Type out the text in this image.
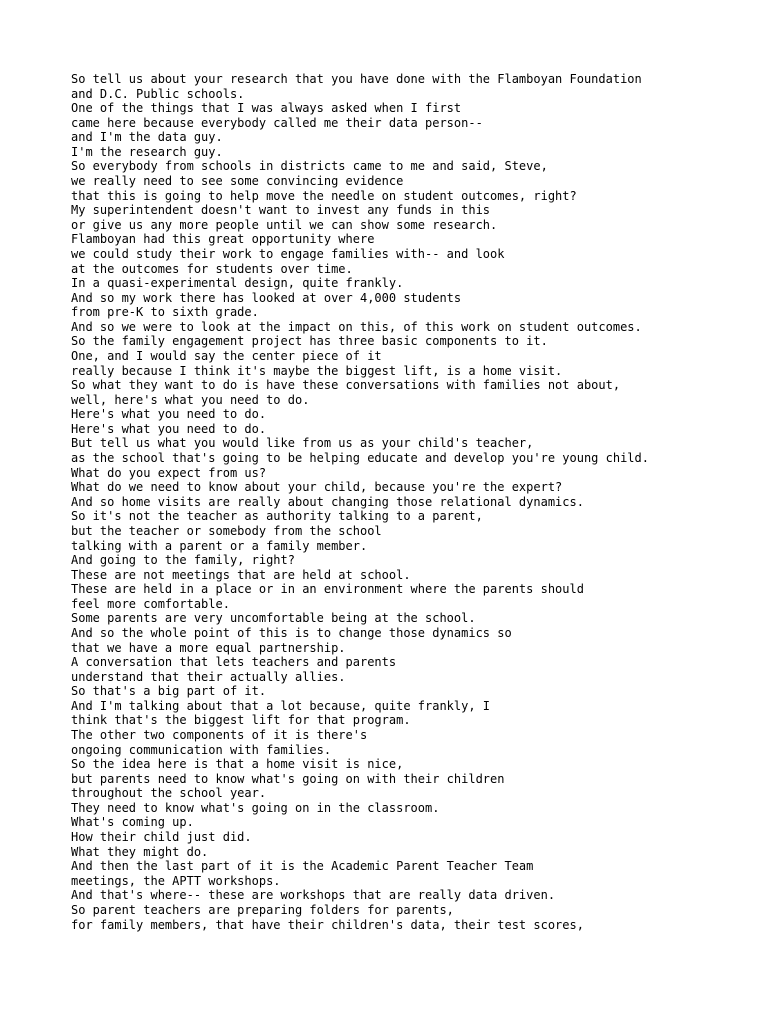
So tell us about your research that you have done with the Flamboyan Foundation

and D.C. Public schools.

One of the things that I was always asked when I first

came here because everybody called me their data person--

and I'm the data guy.

I'm the research guy.

So everybody from schools in districts came to me and said, Steve,

we really need to see some convincing evidence

that this is going to help move the needle on student outcomes, right?

My superintendent doesn't want to invest any funds in this

or give us any more people until we can show some research.

Flamboyan had this great opportunity where

we could study their work to engage families with-- and look

at the outcomes for students over time.

In a quasi-experimental design, quite frankly.

And so my work there has looked at over 4,000 students

from pre-K to sixth grade.

And so we were to look at the impact on this, of this work on student outcomes.

So the family engagement project has three basic components to it.

One, and I would say the center piece of it

really because I think it's maybe the biggest lift, is a home visit.

So what they want to do is have these conversations with families not about,

well, here's what you need to do.

Here's what you need to do.

Here's what you need to do.

But tell us what you would like from us as your child's teacher,

as the school that's going to be helping educate and develop you're young child.

What do you expect from us?

What do we need to know about your child, because you're the expert?

And so home visits are really about changing those relational dynamics.

So it's not the teacher as authority talking to a parent,

but the teacher or somebody from the school

talking with a parent or a family member.

And going to the family, right?

These are not meetings that are held at school.

These are held in a place or in an environment where the parents should

feel more comfortable.

Some parents are very uncomfortable being at the school.

And so the whole point of this is to change those dynamics so

that we have a more equal partnership.

A conversation that lets teachers and parents

understand that their actually allies.

So that's a big part of it.

And I'm talking about that a lot because, quite frankly, I

think that's the biggest lift for that program.

The other two components of it is there's

ongoing communication with families.

So the idea here is that a home visit is nice,

but parents need to know what's going on with their children

throughout the school year.

They need to know what's going on in the classroom.

What's coming up.

How their child just did.

What they might do.

And then the last part of it is the Academic Parent Teacher Team

meetings, the APTT workshops.

And that's where-- these are workshops that are really data driven.

So parent teachers are preparing folders for parents,

for family members, that have their children's data, their test scores,
